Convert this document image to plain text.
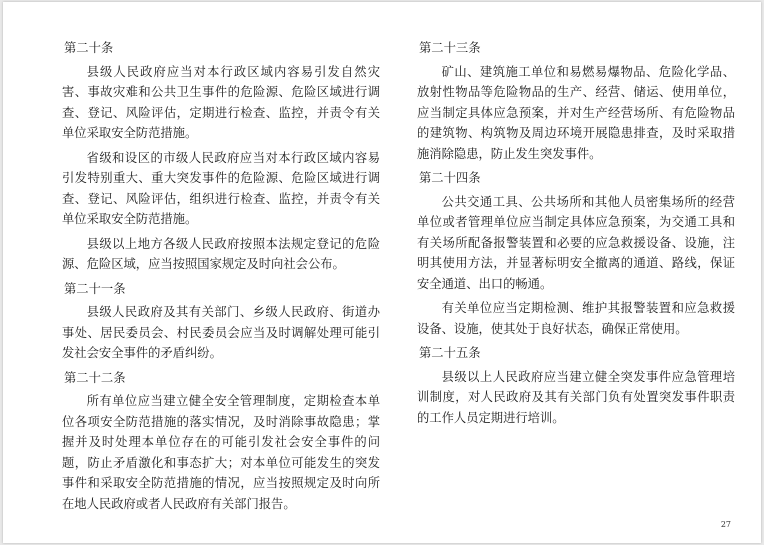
第二十条
县级人民政府应当对本行政区域内容易引发自然灾害、事故灾难和公共卫生事件的危险源、危险区域进行调查、登记、风险评估，定期进行检查、监控，并责令有关单位采取安全防范措施。
省级和设区的市级人民政府应当对本行政区域内容易引发特别重大、重大突发事件的危险源、危险区域进行调查、登记、风险评估，组织进行检查、监控，并责令有关单位采取安全防范措施。
县级以上地方各级人民政府按照本法规定登记的危险源、危险区域，应当按照国家规定及时向社会公布。
第二十一条
县级人民政府及其有关部门、乡级人民政府、街道办事处、居民委员会、村民委员会应当及时调解处理可能引发社会安全事件的矛盾纠纷。
第二十二条
所有单位应当建立健全安全管理制度，定期检查本单位各项安全防范措施的落实情况，及时消除事故隐患；掌握并及时处理本单位存在的可能引发社会安全事件的问题，防止矛盾激化和事态扩大；对本单位可能发生的突发事件和采取安全防范措施的情况，应当按照规定及时向所在地人民政府或者人民政府有关部门报告。
第二十三条
矿山、建筑施工单位和易燃易爆物品、危险化学品、放射性物品等危险物品的生产、经营、储运、使用单位，应当制定具体应急预案，并对生产经营场所、有危险物品的建筑物、构筑物及周边环境开展隐患排查，及时采取措施消除隐患，防止发生突发事件。
第二十四条
公共交通工具、公共场所和其他人员密集场所的经营单位或者管理单位应当制定具体应急预案，为交通工具和有关场所配备报警装置和必要的应急救援设备、设施，注明其使用方法，并显著标明安全撤离的通道、路线，保证安全通道、出口的畅通。
有关单位应当定期检测、维护其报警装置和应急救援设备、设施，使其处于良好状态，确保正常使用。
第二十五条
县级以上人民政府应当建立健全突发事件应急管理培训制度，对人民政府及其有关部门负有处置突发事件职责的工作人员定期进行培训。
27
